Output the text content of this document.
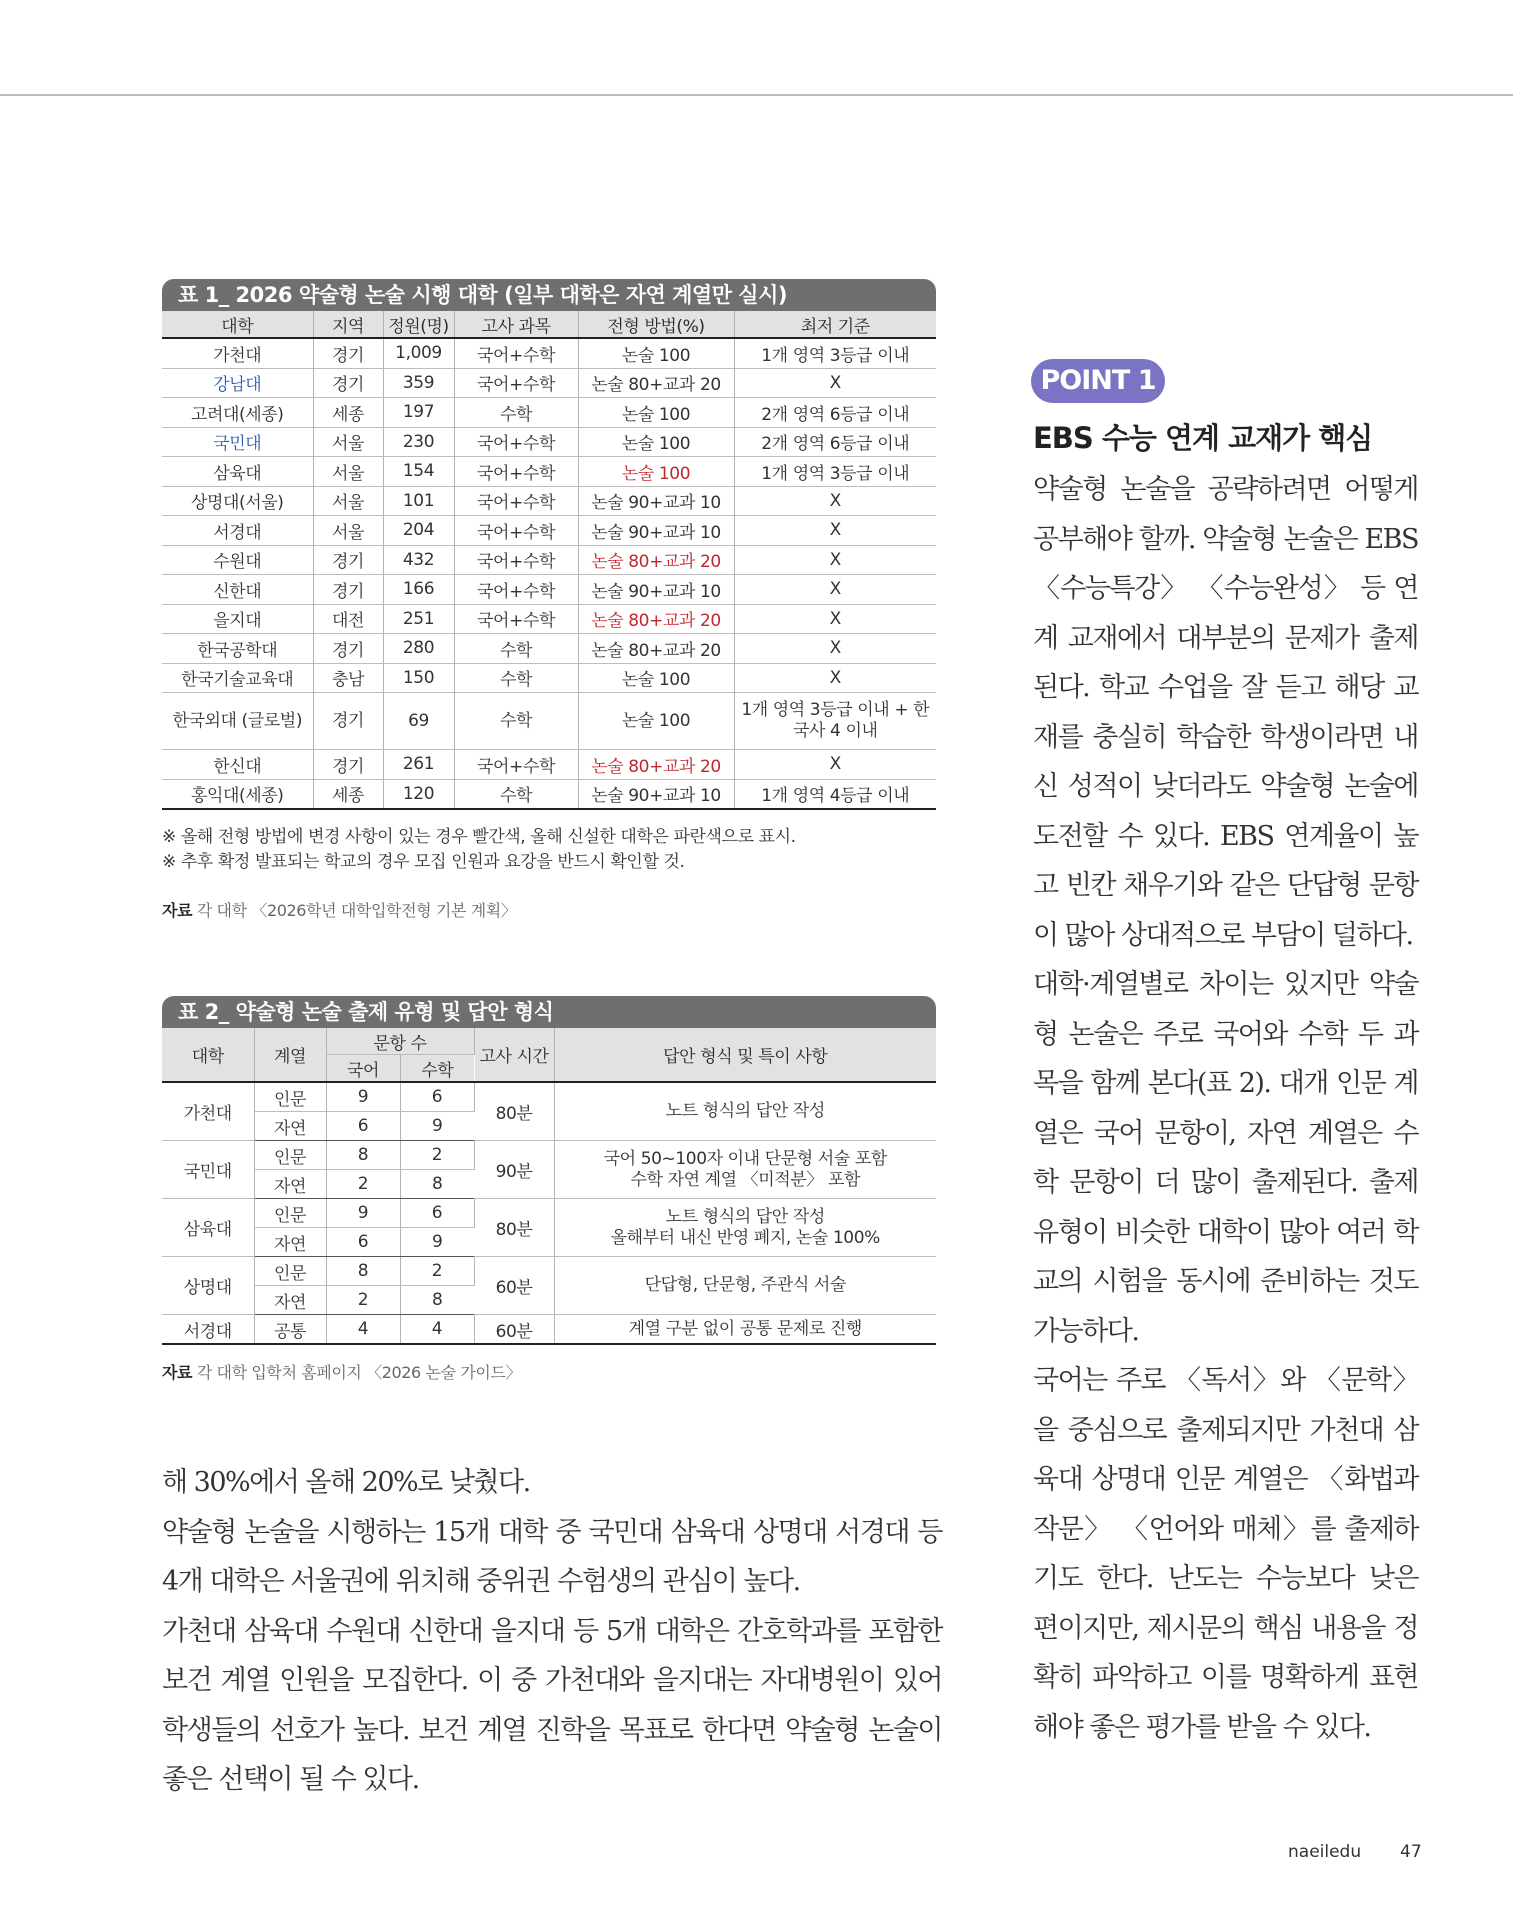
표 1_ 2026 약술형 논술 시행 대학 (일부 대학은 자연 계열만 실시)
대학	지역	정원(명)	고사 과목	전형 방법(%)	최저 기준
가천대	경기	1,009	국어+수학	논술 100	1개 영역 3등급 이내
강남대	경기	359	국어+수학	논술 80+교과 20	X
고려대(세종)	세종	197	수학	논술 100	2개 영역 6등급 이내
국민대	서울	230	국어+수학	논술 100	2개 영역 6등급 이내
삼육대	서울	154	국어+수학	논술 100	1개 영역 3등급 이내
상명대(서울)	서울	101	국어+수학	논술 90+교과 10	X
서경대	서울	204	국어+수학	논술 90+교과 10	X
수원대	경기	432	국어+수학	논술 80+교과 20	X
신한대	경기	166	국어+수학	논술 90+교과 10	X
을지대	대전	251	국어+수학	논술 80+교과 20	X
한국공학대	경기	280	수학	논술 80+교과 20	X
한국기술교육대	충남	150	수학	논술 100	X
한국외대 (글로벌)	경기	69	수학	논술 100	1개 영역 3등급 이내 + 한국사 4 이내
한신대	경기	261	국어+수학	논술 80+교과 20	X
홍익대(세종)	세종	120	수학	논술 90+교과 10	1개 영역 4등급 이내
※ 올해 전형 방법에 변경 사항이 있는 경우 빨간색, 올해 신설한 대학은 파란색으로 표시.
※ 추후 확정 발표되는 학교의 경우 모집 인원과 요강을 반드시 확인할 것.
자료 각 대학 〈2026학년 대학입학전형 기본 계획〉
표 2_ 약술형 논술 출제 유형 및 답안 형식
대학	계열	문항 수		고사 시간	답안 형식 및 특이 사항
		국어	수학		
가천대	인문	9	6	80분	노트 형식의 답안 작성

	자연	6	9		
국민대	인문	8	2	90분	국어 50~100자 이내 단문형 서술 포함
수학 자연 계열 〈미적분〉 포함

	자연	2	8		
삼육대	인문	9	6	80분	노트 형식의 답안 작성
올해부터 내신 반영 폐지, 논술 100%

	자연	6	9		
상명대	인문	8	2	60분	단답형, 단문형, 주관식 서술

	자연	2	8		
서경대	공통	4	4	60분	계열 구분 없이 공통 문제로 진행
자료 각 대학 입학처 홈페이지 〈2026 논술 가이드〉

해 30%에서 올해 20%로 낮췄다.

약술형 논술을 시행하는 15개 대학 중 국민대 삼육대 상명대 서경대 등 4개 대학은 서울권에 위치해 중위권 수험생의 관심이 높다.

가천대 삼육대 수원대 신한대 을지대 등 5개 대학은 간호학과를 포함한 보건 계열 인원을 모집한다. 이 중 가천대와 을지대는 자대병원이 있어 학생들의 선호가 높다. 보건 계열 진학을 목표로 한다면 약술형 논술이 좋은 선택이 될 수 있다.

POINT 1
EBS 수능 연계 교재가 핵심

약술형 논술을 공략하려면 어떻게 공부해야 할까. 약술형 논술은 EBS 〈수능특강〉 〈수능완성〉 등 연계 교재에서 대부분의 문제가 출제된다. 학교 수업을 잘 듣고 해당 교재를 충실히 학습한 학생이라면 내신 성적이 낮더라도 약술형 논술에 도전할 수 있다. EBS 연계율이 높고 빈칸 채우기와 같은 단답형 문항이 많아 상대적으로 부담이 덜하다.

대학·계열별로 차이는 있지만 약술형 논술은 주로 국어와 수학 두 과목을 함께 본다(표 2). 대개 인문 계열은 국어 문항이, 자연 계열은 수학 문항이 더 많이 출제된다. 출제 유형이 비슷한 대학이 많아 여러 학교의 시험을 동시에 준비하는 것도 가능하다.

국어는 주로 〈독서〉와 〈문학〉을 중심으로 출제되지만 가천대 삼육대 상명대 인문 계열은 〈화법과 작문〉 〈언어와 매체〉를 출제하기도 한다. 난도는 수능보다 낮은 편이지만, 제시문의 핵심 내용을 정확히 파악하고 이를 명확하게 표현해야 좋은 평가를 받을 수 있다.

naeiledu 47
